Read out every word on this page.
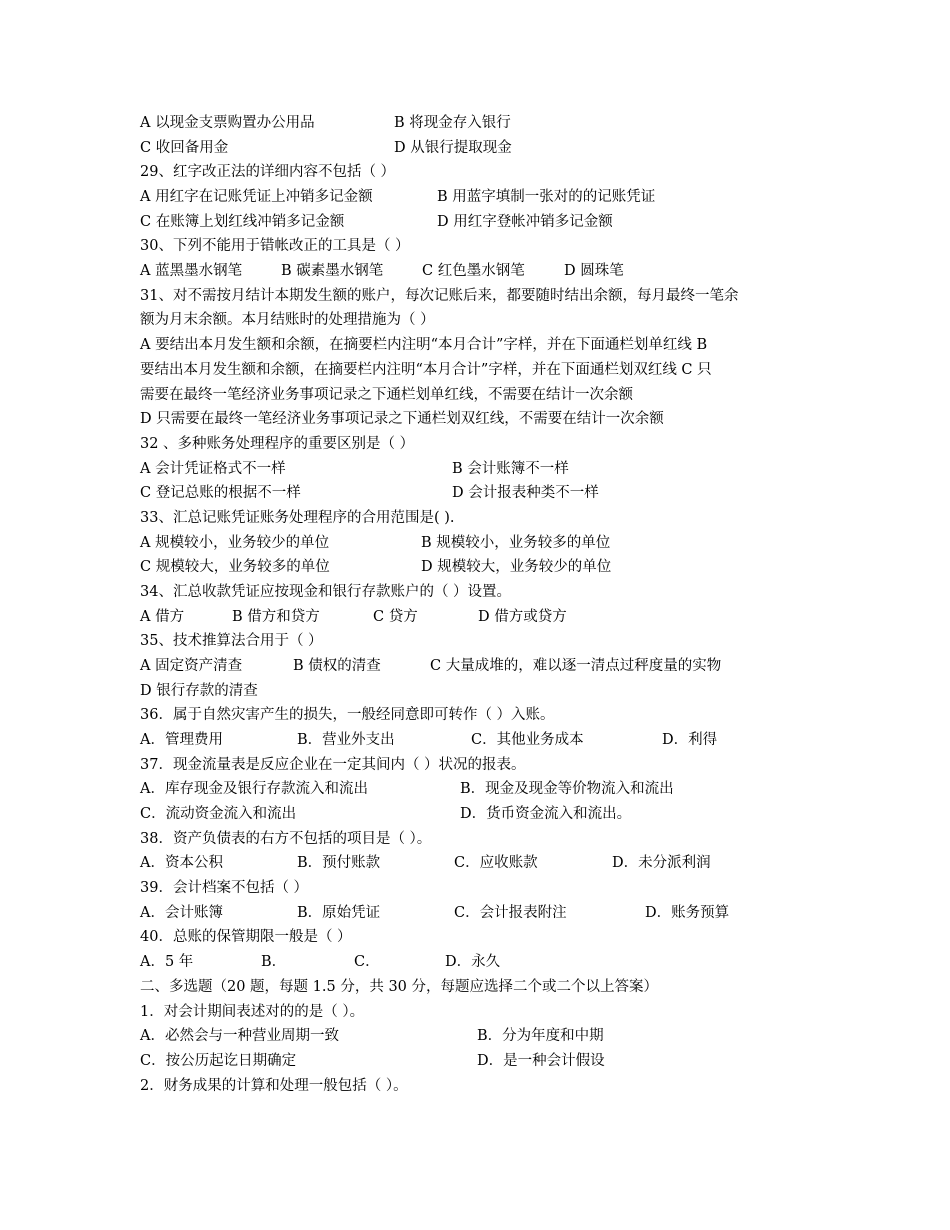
A 以现金支票购置办公用品	B 将现金存入银行
C 收回备用金	D 从银行提取现金
29、红字改正法的详细内容不包括（ ）
A 用红字在记账凭证上冲销多记金额	B 用蓝字填制一张对的的记账凭证
C 在账簿上划红线冲销多记金额	D 用红字登帐冲销多记金额
30、下列不能用于错帐改正的工具是（ ）
A 蓝黑墨水钢笔	B 碳素墨水钢笔	C 红色墨水钢笔	D 圆珠笔
31、对不需按月结计本期发生额的账户，每次记账后来，都要随时结出余额，每月最终一笔余
额为月末余额。本月结账时的处理措施为（ ）
A 要结出本月发生额和余额，在摘要栏内注明“本月合计”字样，并在下面通栏划单红线 B
要结出本月发生额和余额，在摘要栏内注明“本月合计”字样，并在下面通栏划双红线 C 只
需要在最终一笔经济业务事项记录之下通栏划单红线，不需要在结计一次余额
D 只需要在最终一笔经济业务事项记录之下通栏划双红线，不需要在结计一次余额
32 、多种账务处理程序的重要区别是（ ）
A 会计凭证格式不一样	B 会计账簿不一样
C 登记总账的根据不一样	D 会计报表种类不一样
33、汇总记账凭证账务处理程序的合用范围是( ).
A 规模较小，业务较少的单位	B 规模较小，业务较多的单位
C 规模较大，业务较多的单位	D 规模较大，业务较少的单位
34、汇总收款凭证应按现金和银行存款账户的（ ）设置。
A 借方	B 借方和贷方	C 贷方	D 借方或贷方
35、技术推算法合用于（ ）
A 固定资产清查	B 债权的清查	C 大量成堆的，难以逐一清点过秤度量的实物
D 银行存款的清查
36．属于自然灾害产生的损失，一般经同意即可转作（ ）入账。
A．管理费用	B．营业外支出	C．其他业务成本	D．利得
37．现金流量表是反应企业在一定其间内（ ）状况的报表。
A．库存现金及银行存款流入和流出	B．现金及现金等价物流入和流出
C．流动资金流入和流出	D．货币资金流入和流出。
38．资产负债表的右方不包括的项目是（ ）。
A．资本公积	B．预付账款	C．应收账款	D．未分派利润
39．会计档案不包括（ ）
A．会计账簿	B．原始凭证	C．会计报表附注	D．账务预算
40．总账的保管期限一般是（ ）
A．5 年	B．	C．	D．永久
二、多选题（20 题，每题 1.5 分，共 30 分，每题应选择二个或二个以上答案）
1．对会计期间表述对的的是（ ）。
A．必然会与一种营业周期一致	B．分为年度和中期
C．按公历起讫日期确定	D．是一种会计假设
2．财务成果的计算和处理一般包括（ ）。
